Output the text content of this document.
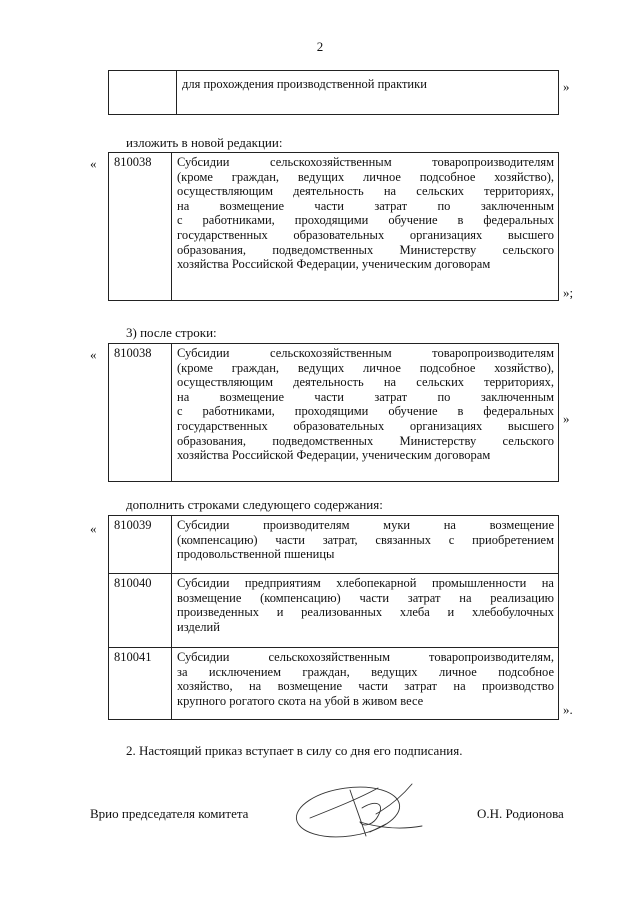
2
	для прохождения производственной практики	»
изложить в новой редакции:
« 810038	Субсидии сельскохозяйственным товаропроизводителям
(кроме граждан, ведущих личное подсобное хозяйство),
осуществляющим деятельность на сельских территориях,
на возмещение части затрат по заключенным
с работниками, проходящими обучение в федеральных
государственных образовательных организациях высшего
образования, подведомственных Министерству сельского
хозяйства Российской Федерации, ученическим договорам
»;
3) после строки:
« 810038	Субсидии сельскохозяйственным товаропроизводителям
(кроме граждан, ведущих личное подсобное хозяйство),
осуществляющим деятельность на сельских территориях,
на возмещение части затрат по заключенным
с работниками, проходящими обучение в федеральных
государственных образовательных организациях высшего
образования, подведомственных Министерству сельского
хозяйства Российской Федерации, ученическим договорам
»
дополнить строками следующего содержания:
« 810039	Субсидии производителям муки на возмещение
(компенсацию) части затрат, связанных с приобретением
продовольственной пшеницы

810040	Субсидии предприятиям хлебопекарной промышленности на
возмещение (компенсацию) части затрат на реализацию
произведенных и реализованных хлеба и хлебобулочных
изделий

810041	Субсидии сельскохозяйственным товаропроизводителям,
за исключением граждан, ведущих личное подсобное
хозяйство, на возмещение части затрат на производство
крупного рогатого скота на убой в живом весе
».
2. Настоящий приказ вступает в силу со дня его подписания.
Врио председателя комитета	О.Н. Родионова
